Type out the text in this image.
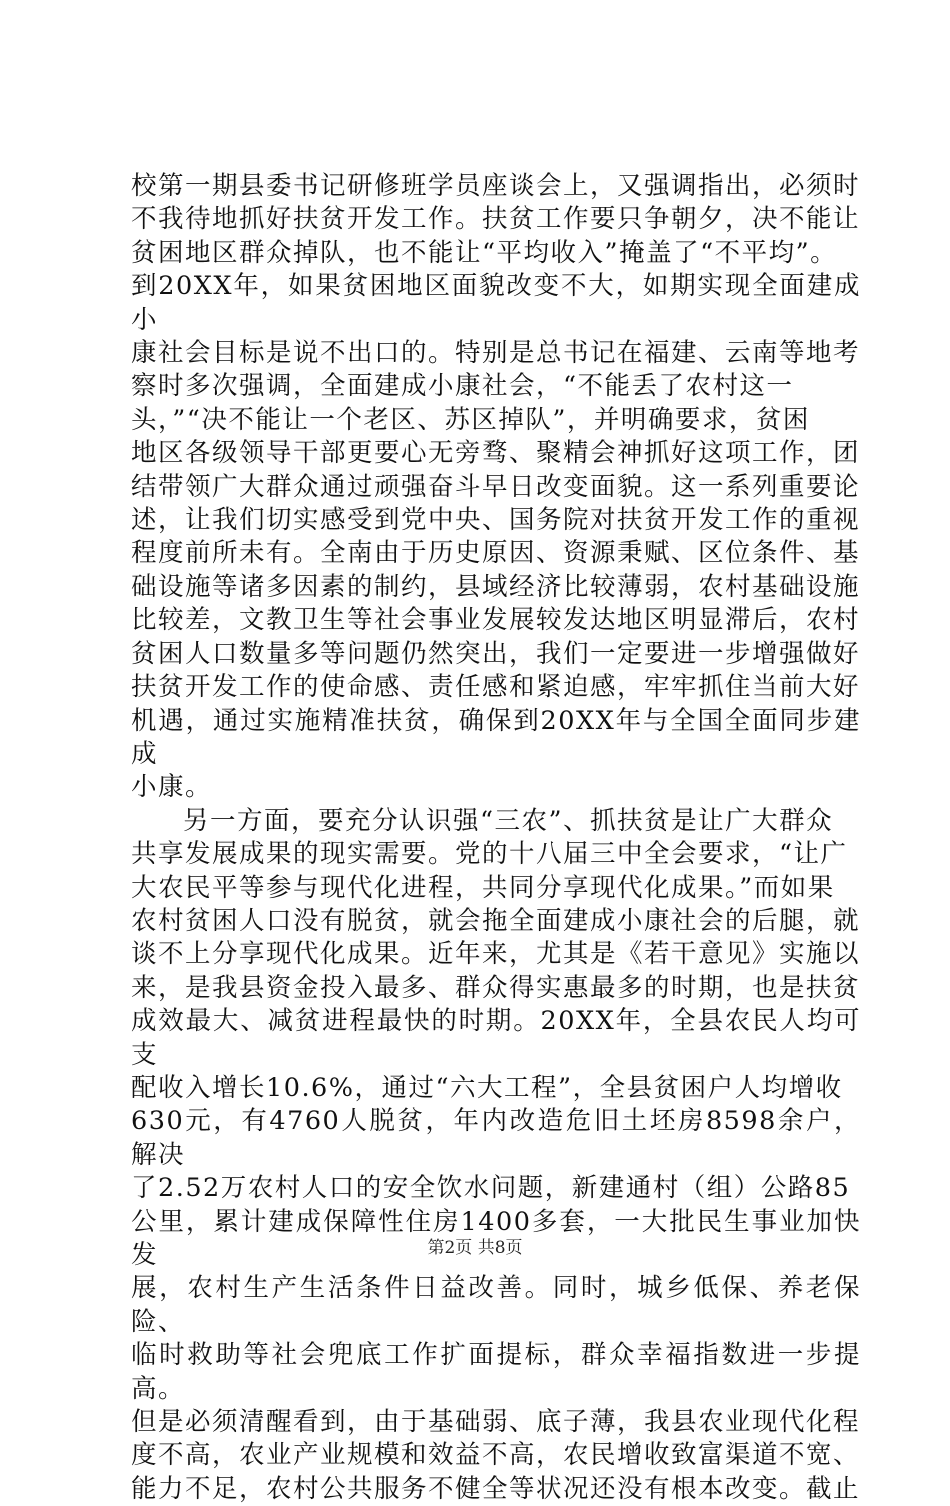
校第一期县委书记研修班学员座谈会上，又强调指出，必须时
不我待地抓好扶贫开发工作。扶贫工作要只争朝夕，决不能让
贫困地区群众掉队，也不能让“平均收入”掩盖了“不平均”。
到20XX年，如果贫困地区面貌改变不大，如期实现全面建成小
康社会目标是说不出口的。特别是总书记在福建、云南等地考
察时多次强调，全面建成小康社会，“不能丢了农村这一
头，”“决不能让一个老区、苏区掉队”，并明确要求，贫困
地区各级领导干部更要心无旁骛、聚精会神抓好这项工作，团
结带领广大群众通过顽强奋斗早日改变面貌。这一系列重要论
述，让我们切实感受到党中央、国务院对扶贫开发工作的重视
程度前所未有。全南由于历史原因、资源秉赋、区位条件、基
础设施等诸多因素的制约，县域经济比较薄弱，农村基础设施
比较差，文教卫生等社会事业发展较发达地区明显滞后，农村
贫困人口数量多等问题仍然突出，我们一定要进一步增强做好
扶贫开发工作的使命感、责任感和紧迫感，牢牢抓住当前大好
机遇，通过实施精准扶贫，确保到20XX年与全国全面同步建成
小康。

另一方面，要充分认识强“三农”、抓扶贫是让广大群众
共享发展成果的现实需要。党的十八届三中全会要求，“让广
大农民平等参与现代化进程，共同分享现代化成果。”而如果
农村贫困人口没有脱贫，就会拖全面建成小康社会的后腿，就
谈不上分享现代化成果。近年来，尤其是《若干意见》实施以
来，是我县资金投入最多、群众得实惠最多的时期，也是扶贫
成效最大、减贫进程最快的时期。20XX年，全县农民人均可支
配收入增长10.6%，通过“六大工程”，全县贫困户人均增收
630元，有4760人脱贫，年内改造危旧土坯房8598余户，解决
了2.52万农村人口的安全饮水问题，新建通村（组）公路85
公里，累计建成保障性住房1400多套，一大批民生事业加快发
展，农村生产生活条件日益改善。同时，城乡低保、养老保险、
临时救助等社会兜底工作扩面提标，群众幸福指数进一步提高。
但是必须清醒看到，由于基础弱、底子薄，我县农业现代化程
度不高，农业产业规模和效益不高，农民增收致富渠道不宽、
能力不足，农村公共服务不健全等状况还没有根本改变。截止

第2页 共8页
